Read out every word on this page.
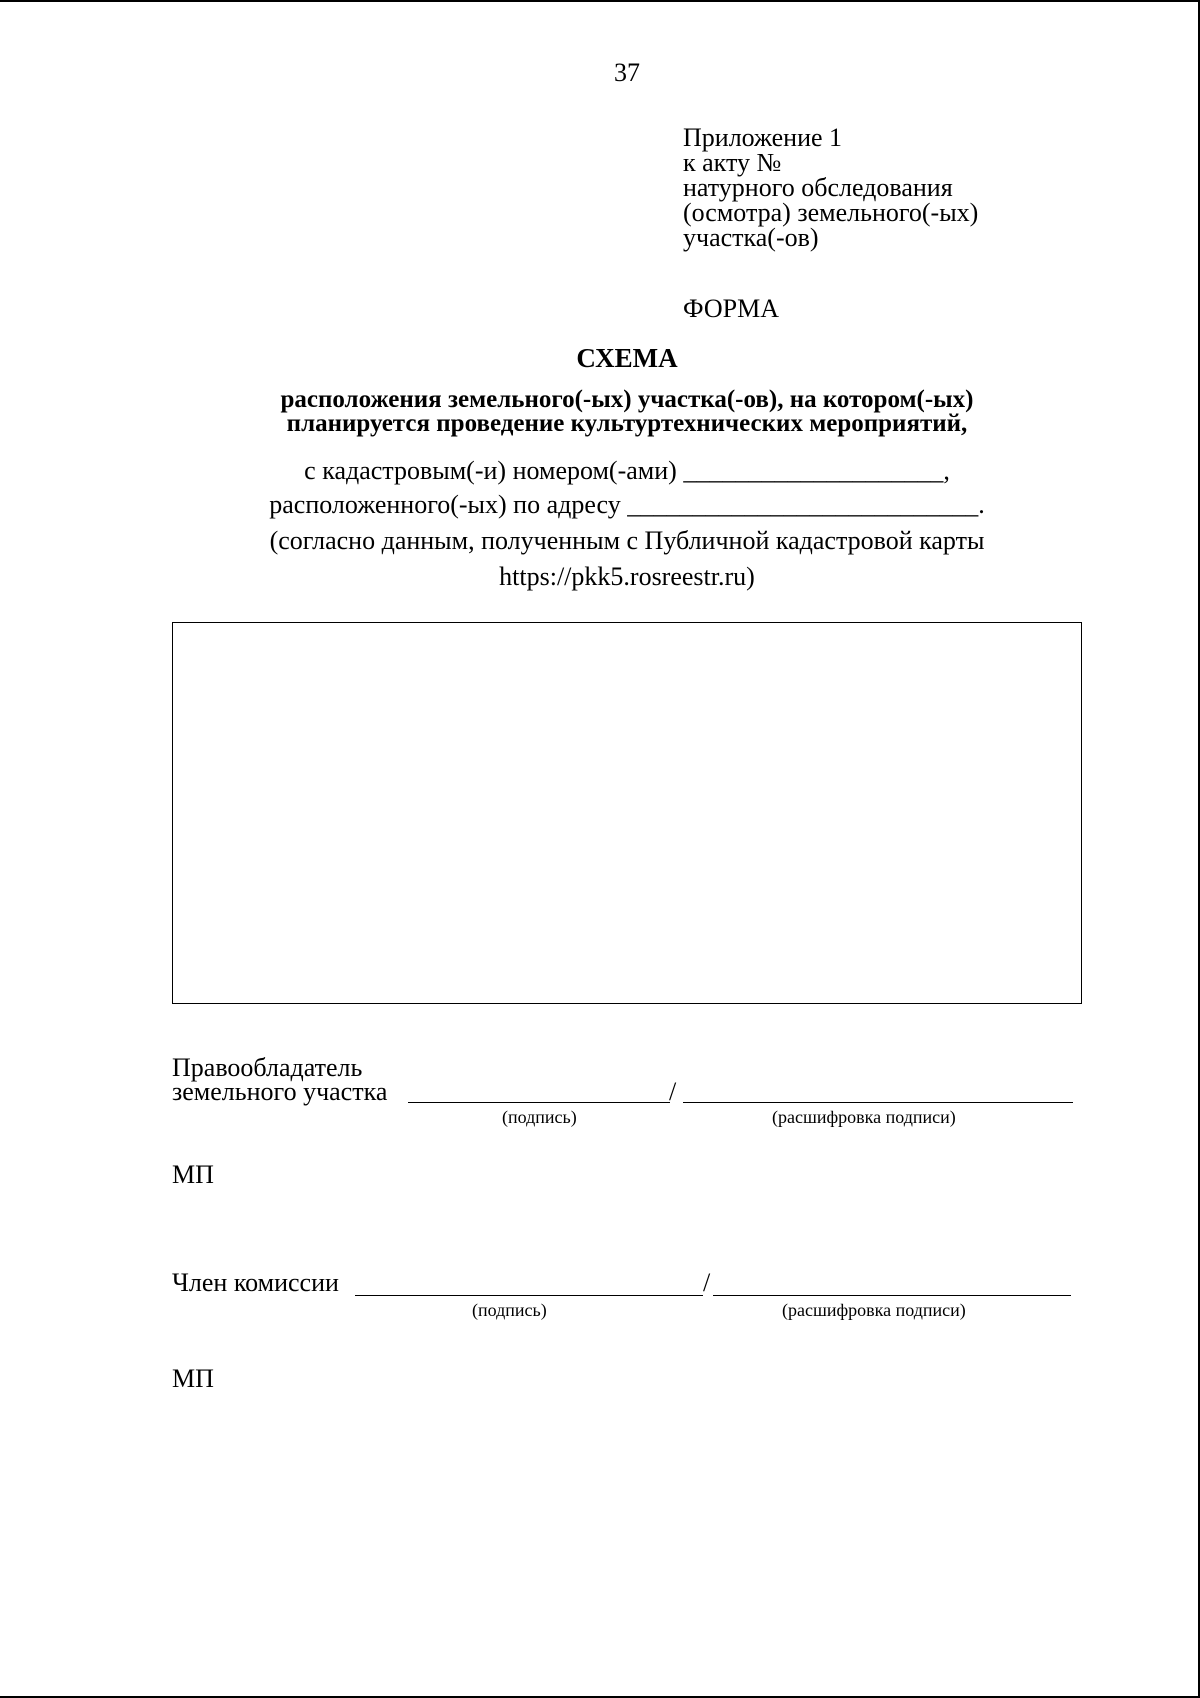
37
Приложение 1
к акту №
натурного обследования
(осмотра) земельного(-ых)
участка(-ов)
ФОРМА
СХЕМА
расположения земельного(-ых) участка(-ов), на котором(-ых)
планируется проведение культуртехнических мероприятий,
с кадастровым(-и) номером(-ами) ____________________,
расположенного(-ых) по адресу ___________________________.
(согласно данным, полученным с Публичной кадастровой карты
https://pkk5.rosreestr.ru)
Правообладатель
земельного участка	/
(подпись)	(расшифровка подписи)
МП
Член комиссии	/
(подпись)	(расшифровка подписи)
МП
